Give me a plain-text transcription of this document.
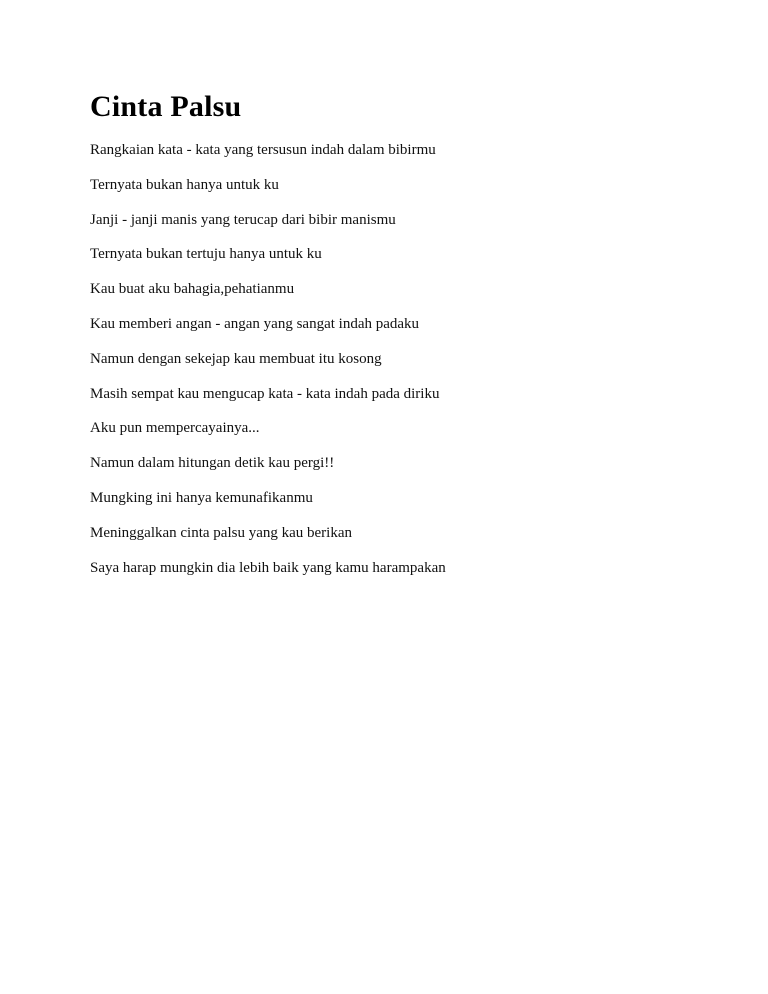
Cinta Palsu

Rangkaian kata - kata yang tersusun indah dalam bibirmu

Ternyata bukan hanya untuk ku

Janji - janji manis yang terucap dari bibir manismu

Ternyata bukan tertuju hanya untuk ku

Kau buat aku bahagia,pehatianmu

Kau memberi angan - angan yang sangat indah padaku

Namun dengan sekejap kau membuat itu kosong

Masih sempat kau mengucap kata - kata indah pada diriku

Aku pun mempercayainya...

Namun dalam hitungan detik kau pergi!!

Mungking ini hanya kemunafikanmu

Meninggalkan cinta palsu yang kau berikan

Saya harap mungkin dia lebih baik yang kamu harampakan
